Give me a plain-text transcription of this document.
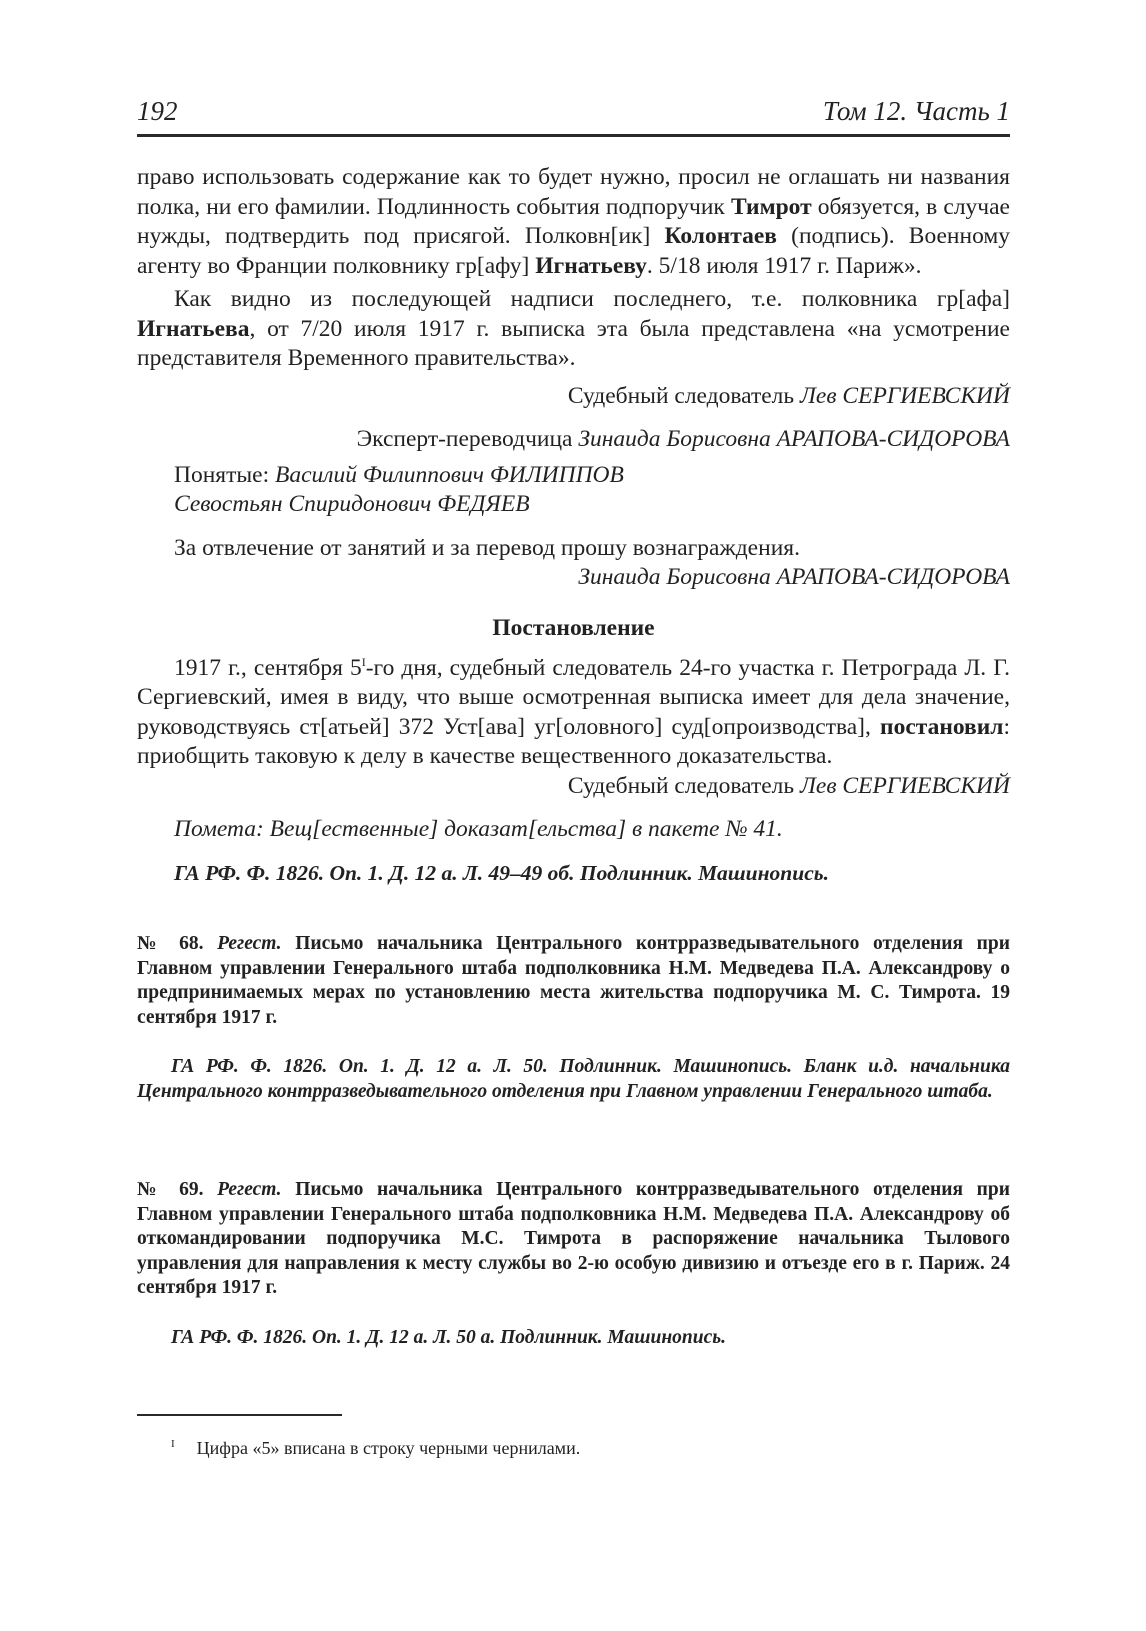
192	Том 12. Часть 1

право использовать содержание как то будет нужно, просил не оглашать ни названия полка, ни его фамилии. Подлинность события подпоручик Тимрот обязуется, в случае нужды, подтвердить под присягой. Полковн[ик] Колонтаев (подпись). Военному агенту во Франции полковнику гр[афу] Игнатьеву. 5/18 июля 1917 г. Париж».

Как видно из последующей надписи последнего, т.е. полковника гр[афа] Игнатьева, от 7/20 июля 1917 г. выписка эта была представлена «на усмотрение представителя Временного правительства».

Судебный следователь Лев СЕРГИЕВСКИЙ
Эксперт-переводчица Зинаида Борисовна АРАПОВА-СИДОРОВА
Понятые: Василий Филиппович ФИЛИППОВ
Севостьян Спиридонович ФЕДЯЕВ

За отвлечение от занятий и за перевод прошу вознаграждения.

Зинаида Борисовна АРАПОВА-СИДОРОВА
Постановление

1917 г., сентября $5^I-го$ дня, судебный следователь 24-го участка г. Петрограда Л. Г. Сергиевский, имея в виду, что выше осмотренная выписка имеет для дела значение, руководствуясь ст[атьей] 372 Уст[ава] уг[оловного] суд[опроизводства], постановил: приобщить таковую к делу в качестве вещественного доказательства.

Судебный следователь Лев СЕРГИЕВСКИЙ
Помета: Вещ[ественные] доказат[ельства] в пакете № 41.
ГА РФ. Ф. 1826. Оп. 1. Д. 12 а. Л. 49–49 об. Подлинник. Машинопись.

№ 68. Регест. Письмо начальника Центрального контрразведывательного отделения при Главном управлении Генерального штаба подполковника Н.М. Медведева П.А. Александрову о предпринимаемых мерах по установлению места жительства подпоручика М. С. Тимрота. 19 сентября 1917 г.

ГА РФ. Ф. 1826. Оп. 1. Д. 12 а. Л. 50. Подлинник. Машинопись. Бланк и.д. начальника Центрального контрразведывательного отделения при Главном управлении Генерального штаба.

№ 69. Регест. Письмо начальника Центрального контрразведывательного отделения при Главном управлении Генерального штаба подполковника Н.М. Медведева П.А. Александрову об откомандировании подпоручика М.С. Тимрота в распоряжение начальника Тылового управления для направления к месту службы во 2-ю особую дивизию и отъезде его в г. Париж. 24 сентября 1917 г.

ГА РФ. Ф. 1826. Оп. 1. Д. 12 а. Л. 50 а. Подлинник. Машинопись.

$^I$ Цифра «5» вписана в строку черными чернилами.
